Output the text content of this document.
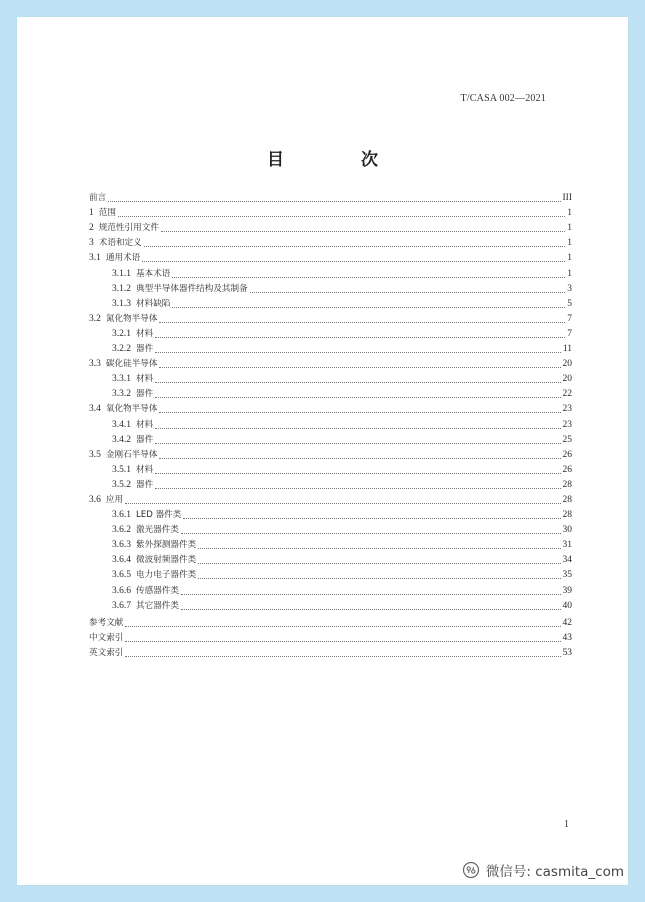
T/CASA 002—2021
目　次
前言	III
1 范围	1
2 规范性引用文件	1
3 术语和定义	1
3.1 通用术语	1
3.1.1 基本术语	1
3.1.2 典型半导体器件结构及其制备	3
3.1.3 材料缺陷	5
3.2 氮化物半导体	7
3.2.1 材料	7
3.2.2 器件	11
3.3 碳化硅半导体	20
3.3.1 材料	20
3.3.2 器件	22
3.4 氧化物半导体	23
3.4.1 材料	23
3.4.2 器件	25
3.5 金刚石半导体	26
3.5.1 材料	26
3.5.2 器件	28
3.6 应用	28
3.6.1 LED 器件类	28
3.6.2 激光器件类	30
3.6.3 紫外探测器件类	31
3.6.4 微波射频器件类	34
3.6.5 电力电子器件类	35
3.6.6 传感器件类	39
3.6.7 其它器件类	40
参考文献	42
中文索引	43
英文索引	53
1
微信号: casmita_com
